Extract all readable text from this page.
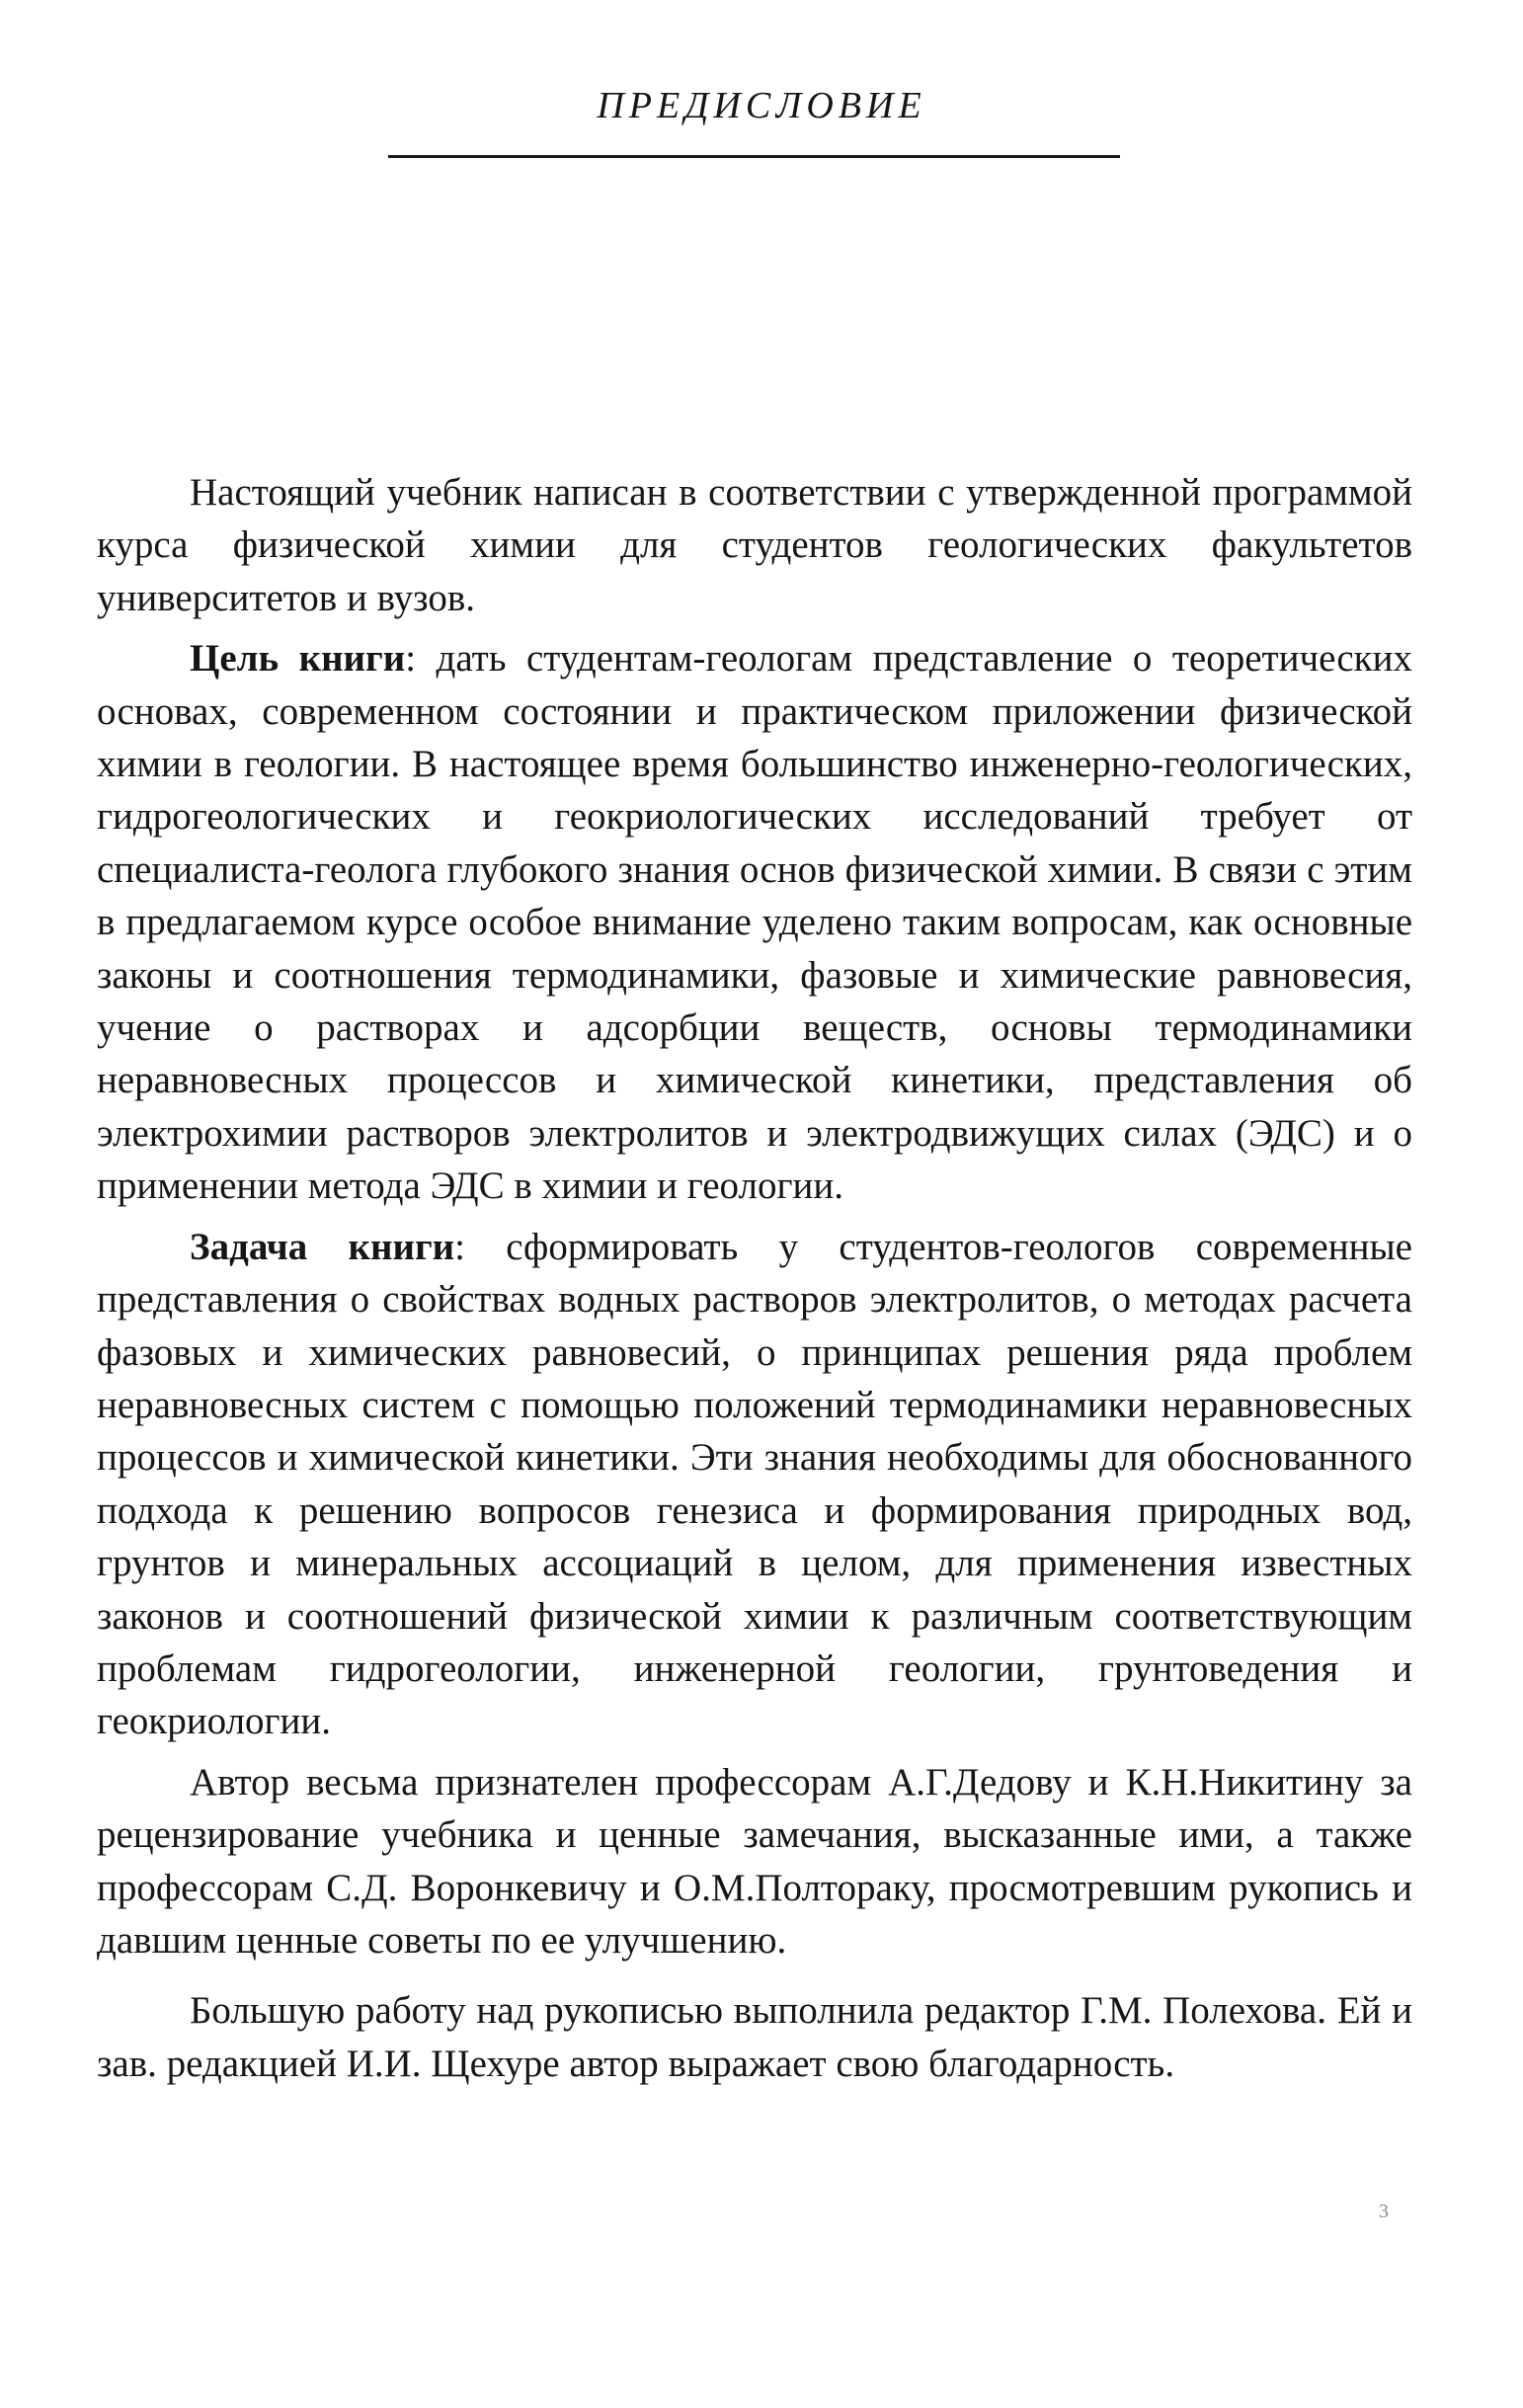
ПРЕДИСЛОВИЕ

Настоящий учебник написан в соответствии с утвержденной программой курса физической химии для студентов геологических факультетов университетов и вузов.

Цель книги: дать студентам-геологам представление о теоретических основах, современном состоянии и практическом приложении физической химии в геологии. В настоящее время большинство инженерно-геологических, гидрогеологических и геокриологических исследований требует от специалиста-геолога глубокого знания основ физической химии. В связи с этим в предлагаемом курсе особое внимание уделено таким вопросам, как основные законы и соотношения термодинамики, фазовые и химические равновесия, учение о растворах и адсорбции веществ, основы термодинамики неравновесных процессов и химической кинетики, представления об электрохимии растворов электролитов и электродвижущих силах (ЭДС) и о применении метода ЭДС в химии и геологии.

Задача книги: сформировать у студентов-геологов современные представления о свойствах водных растворов электролитов, о методах расчета фазовых и химических равновесий, о принципах решения ряда проблем неравновесных систем с помощью положений термодинамики неравновесных процессов и химической кинетики. Эти знания необходимы для обоснованного подхода к решению вопросов генезиса и формирования природных вод, грунтов и минеральных ассоциаций в целом, для применения известных законов и соотношений физической химии к различным соответствующим проблемам гидрогеологии, инженерной геологии, грунтоведения и геокриологии.

Автор весьма признателен профессорам А.Г.Дедову и К.Н.Никитину за рецензирование учебника и ценные замечания, высказанные ими, а также профессорам С.Д. Воронкевичу и О.М.Полтораку, просмотревшим рукопись и давшим ценные советы по ее улучшению.

Большую работу над рукописью выполнила редактор Г.М. Полехова. Ей и зав. редакцией И.И. Щехуре автор выражает свою благодарность.

3
